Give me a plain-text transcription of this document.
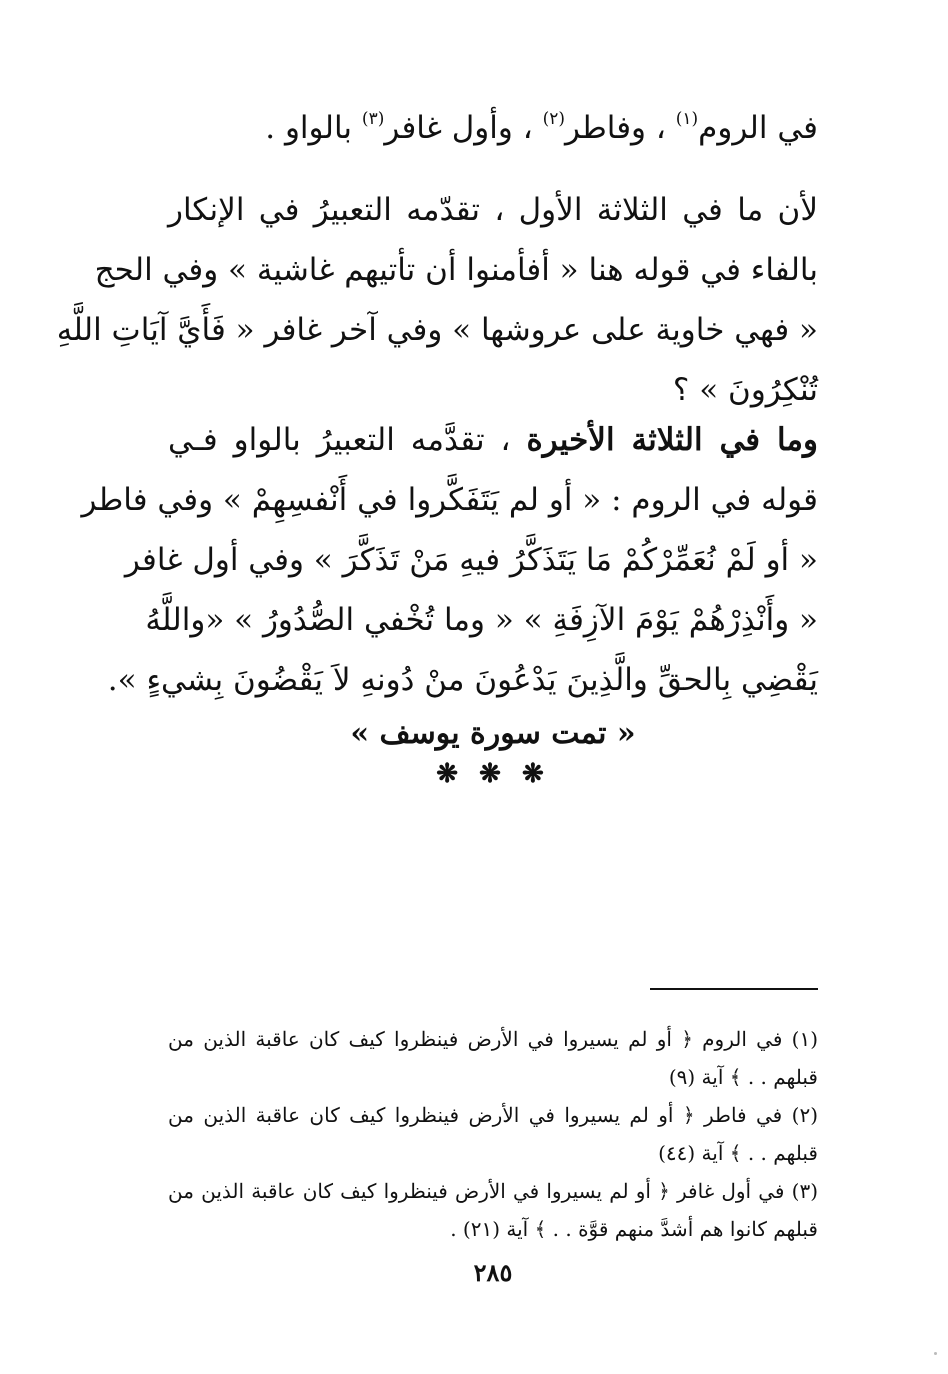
في الروم$^{(١)}$ ، وفاطر$^{(٢)}$ ، وأول غافر$^{(٣)}$ بالواو .
لأن ما في الثلاثة الأول ، تقدّمه التعبيرُ في الإنكار
بالفاء في قوله هنا « أفأمنوا أن تأتيهم غاشية » وفي الحج
« فهي خاوية على عروشها » وفي آخر غافر « فَأَيَّ آيَاتِ اللَّهِ
تُنْكِرُونَ » ؟
وما في الثلاثة الأخيرة ، تقدَّمه التعبيرُ بالواو فـي
قوله في الروم : « أو لم يَتَفَكَّروا في أَنْفسِهِمْ » وفي فاطر
« أو لَمْ نُعَمِّرْكُمْ مَا يَتَذَكَّرُ فيهِ مَنْ تَذَكَّرَ » وفي أول غافر
« وأَنْذِرْهُمْ يَوْمَ الآزِفَةِ » « وما تُخْفي الصُّدُورُ » «واللَّهُ
يَقْضِي بِالحقِّ والَّذِينَ يَدْعُونَ منْ دُونهِ لاَ يَقْضُونَ بِشيءٍ ».
« تمت سورة يوسف »
❋ ❋ ❋
(١) في الروم ﴿ أو لم يسيروا في الأرض فينظروا كيف كان عاقبة الذين من
قبلهم . . ﴾ آية (٩)
(٢) في فاطر ﴿ أو لم يسيروا في الأرض فينظروا كيف كان عاقبة الذين من
قبلهم . . ﴾ آية (٤٤)
(٣) في أول غافر ﴿ أو لم يسيروا في الأرض فينظروا كيف كان عاقبة الذين من
قبلهم كانوا هم أشدَّ منهم قوَّة . . ﴾ آية (٢١) .
٢٨٥
